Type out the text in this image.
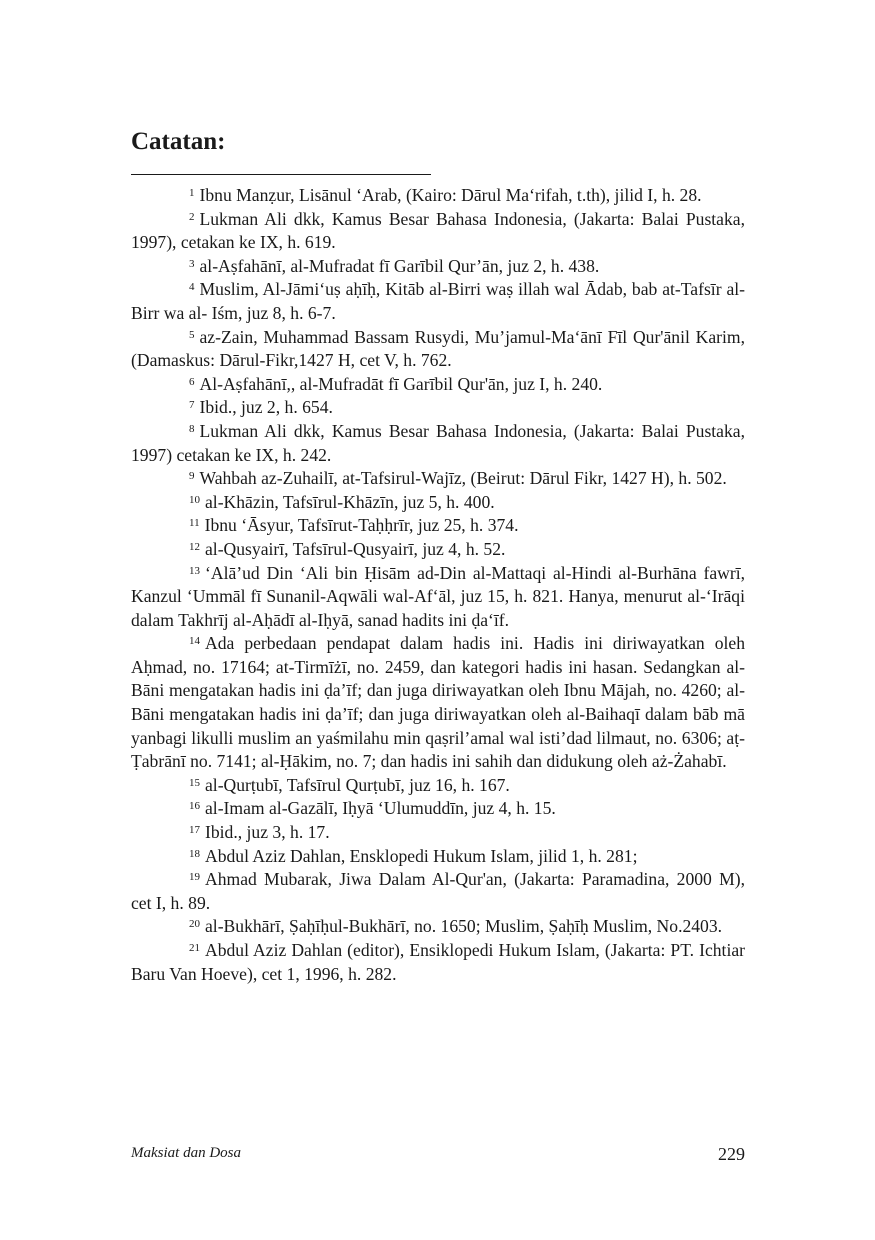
Catatan:

$^1$ Ibnu Manẓur, Lisānul ‘Arab, (Kairo: Dārul Ma‘rifah, t.th), jilid I, h. 28.

$^2$ Lukman Ali dkk, Kamus Besar Bahasa Indonesia, (Jakarta: Balai Pustaka, 1997), cetakan ke IX, h. 619.

$^3$ al-Aṣfahānī, al-Mufradat fī Garībil Qur’ān, juz 2, h. 438.

$^4$ Muslim, Al-Jāmi‘uṣ aḥīḥ, Kitāb al-Birri waṣ illah wal Ādab, bab at-Tafsīr al-Birr wa al- Iśm, juz 8, h. 6-7.

$^5$ az-Zain, Muhammad Bassam Rusydi, Mu’jamul-Ma‘ānī Fīl Qur'ānil Karim, (Damaskus: Dārul-Fikr,1427 H, cet V, h. 762.

$^6$ Al-Aṣfahānī,, al-Mufradāt fī Garībil Qur'ān, juz I, h. 240.

$^7$ Ibid., juz 2, h. 654.

$^8$ Lukman Ali dkk, Kamus Besar Bahasa Indonesia, (Jakarta: Balai Pustaka, 1997) cetakan ke IX, h. 242.

$^9$ Wahbah az-Zuhailī, at-Tafsirul-Wajīz, (Beirut: Dārul Fikr, 1427 H), h. 502.

$^{10}$ al-Khāzin, Tafsīrul-Khāzīn, juz 5, h. 400.

$^{11}$ Ibnu ‘Āsyur, Tafsīrut-Taḥḥrīr, juz 25, h. 374.

$^{12}$ al-Qusyairī, Tafsīrul-Qusyairī, juz 4, h. 52.

$^{13}$ ‘Alā’ud Din ‘Ali bin Ḥisām ad-Din al-Mattaqi al-Hindi al-Burhāna fawrī, Kanzul ‘Ummāl fī Sunanil-Aqwāli wal-Af‘āl, juz 15, h. 821. Hanya, menurut al-‘Irāqi dalam Takhrīj al-Aḥādī al-Iḥyā, sanad hadits ini ḍa‘īf.

$^{14}$ Ada perbedaan pendapat dalam hadis ini. Hadis ini diriwayatkan oleh Aḥmad, no. 17164; at-Tirmīżī, no. 2459, dan kategori hadis ini hasan. Sedangkan al-Bāni mengatakan hadis ini ḍa’īf; dan juga diriwayatkan oleh Ibnu Mājah, no. 4260; al-Bāni mengatakan hadis ini ḍa’īf; dan juga diriwayatkan oleh al-Baihaqī dalam bāb mā yanbagi likulli muslim an yaśmilahu min qaṣril’amal wal isti’dad lilmaut, no. 6306; aṭ-Ṭabrānī no. 7141; al-Ḥākim, no. 7; dan hadis ini sahih dan didukung oleh aż-Żahabī.

$^{15}$ al-Qurṭubī, Tafsīrul Qurṭubī, juz 16, h. 167.

$^{16}$ al-Imam al-Gazālī, Iḥyā ‘Ulumuddīn, juz 4, h. 15.

$^{17}$ Ibid., juz 3, h. 17.

$^{18}$ Abdul Aziz Dahlan, Ensklopedi Hukum Islam, jilid 1, h. 281;

$^{19}$ Ahmad Mubarak, Jiwa Dalam Al-Qur'an, (Jakarta: Paramadina, 2000 M), cet I, h. 89.

$^{20}$ al-Bukhārī, Ṣaḥīḥul-Bukhārī, no. 1650; Muslim, Ṣaḥīḥ Muslim, No.2403.

$^{21}$ Abdul Aziz Dahlan (editor), Ensiklopedi Hukum Islam, (Jakarta: PT. Ichtiar Baru Van Hoeve), cet 1, 1996, h. 282.

Maksiat dan Dosa	229
